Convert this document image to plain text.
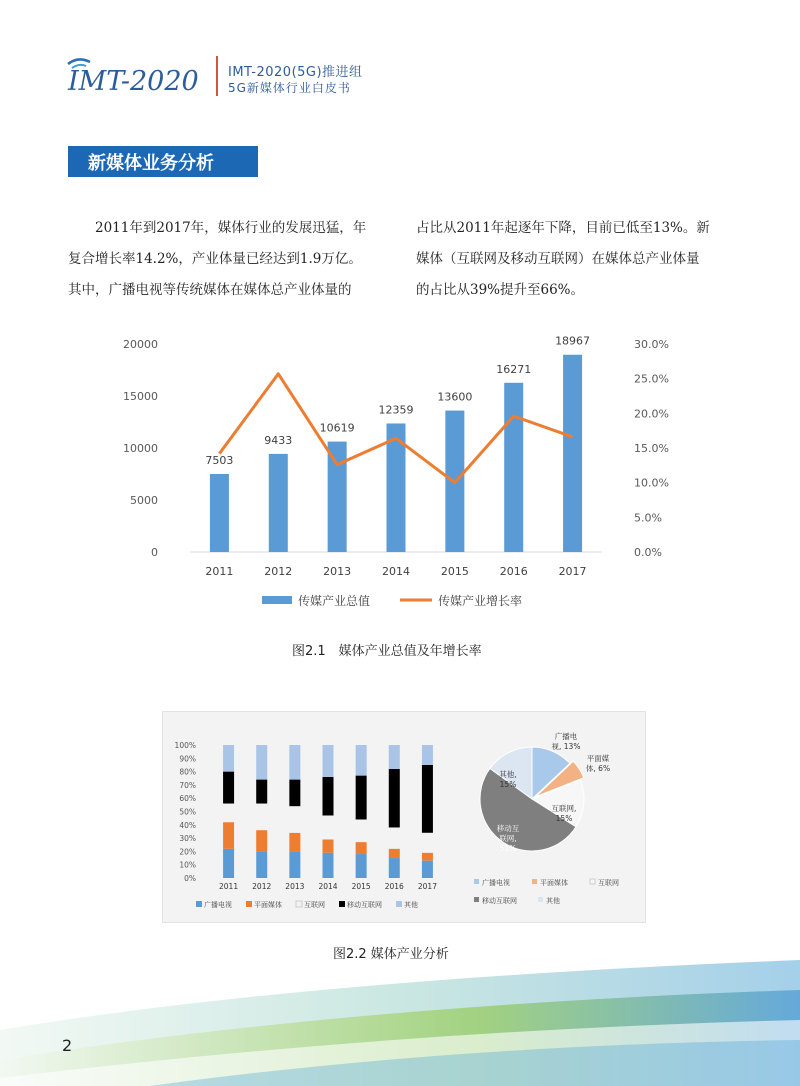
IMT-2020 IMT-2020(5G)推进组
5G新媒体行业白皮书
新媒体业务分析
　　2011年到2017年，媒体行业的发展迅猛，年
复合增长率14.2%，产业体量已经达到1.9万亿。
其中，广播电视等传统媒体在媒体总产业体量的
占比从2011年起逐年下降，目前已低至13%。新
媒体（互联网及移动互联网）在媒体总产业体量
的占比从39%提升至66%。
20000
15000
10000
5000
0
30.0%
25.0%
20.0%
15.0%
10.0%
5.0%
0.0%
7503
2011
9433
2012
10619
2013
12359
2014
13600
2015
16271
2016
18967
2017
传媒产业总值	传媒产业增长率
图2.1　媒体产业总值及年增长率
100%
90%
80%
70%
60%
50%
40%
30%
20%
10%
0%
2011 2012 2013 2014 2015 2016 2017
广播电视	平面媒体	互联网	移动互联网	其他
广播电
视, 13%
平面媒
体, 6%
互联网,
15%
移动互
联网,
51%
其他,
15%
广播电视	平面媒体	互联网
移动互联网	其他
图2.2 媒体产业分析
2
